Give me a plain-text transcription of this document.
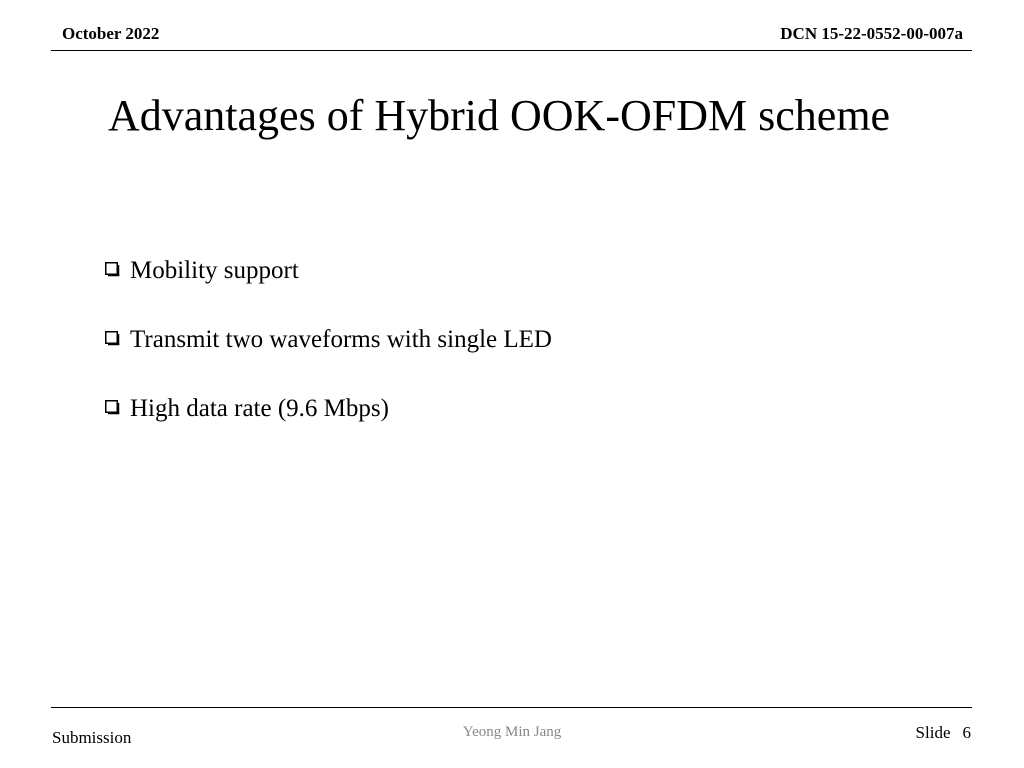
October 2022	DCN 15-22-0552-00-007a
Advantages of Hybrid OOK-OFDM scheme
Mobility support
Transmit two waveforms with single LED
High data rate (9.6 Mbps)
Submission	Yeong Min Jang	Slide 6
